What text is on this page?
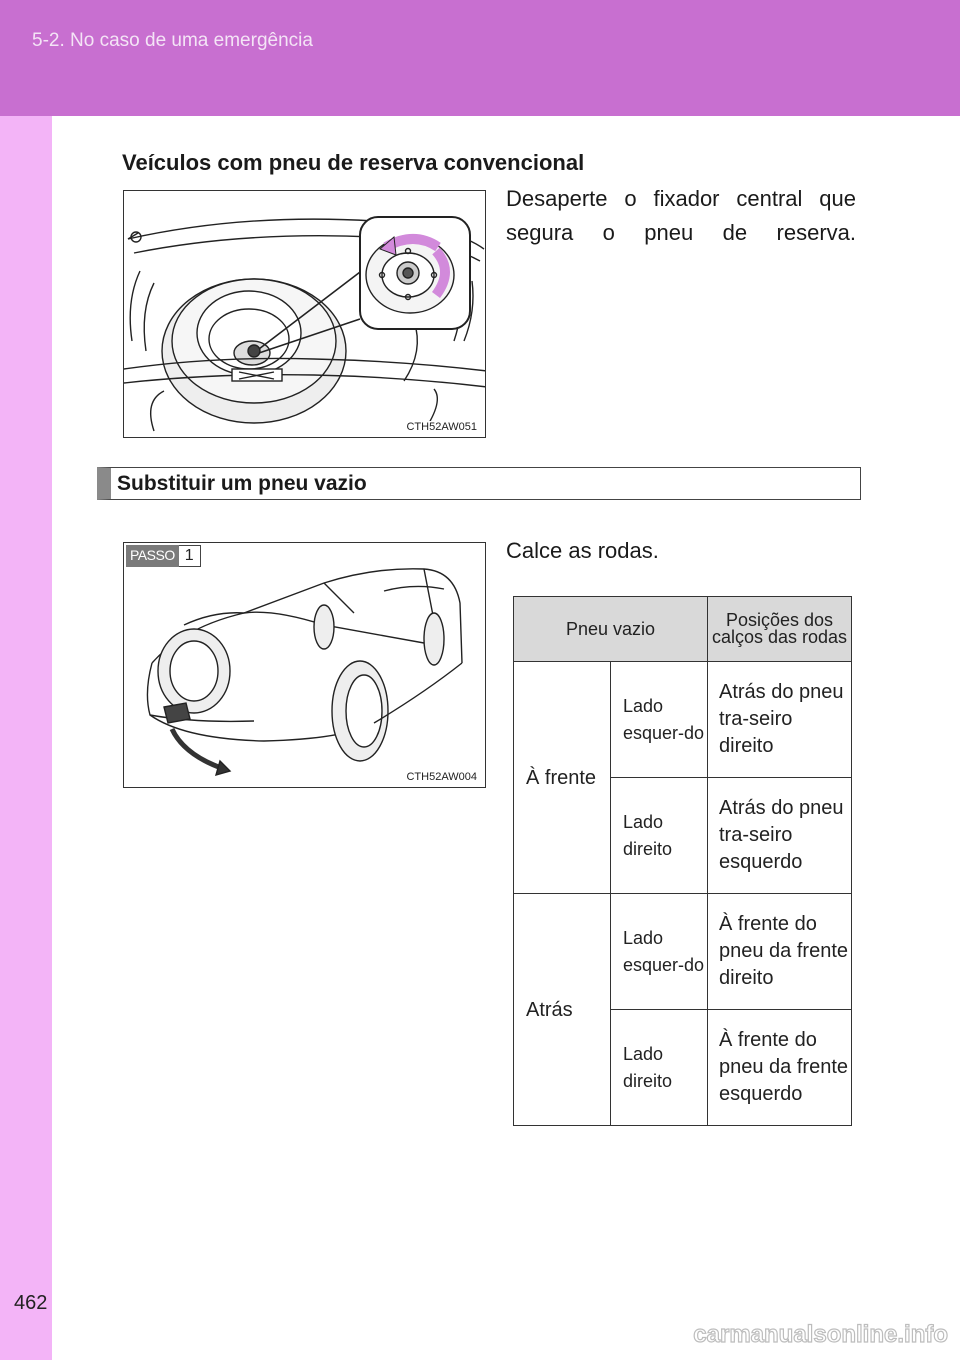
5-2. No caso de uma emergência
462
Veículos com pneu de reserva convencional
CTH52AW051
Desaperte o fixador central que segura o pneu de reserva.
Substituir um pneu vazio
PASSO 1
CTH52AW004
Calce as rodas.
Pneu vazio		Posições dos calços das rodas
À frente	Lado esquer-do	Atrás do pneu tra-seiro direito
	Lado direito	Atrás do pneu tra-seiro esquerdo
Atrás	Lado esquer-do	À frente do pneu da frente direito
	Lado direito	À frente do pneu da frente esquerdo
carmanualsonline.info
